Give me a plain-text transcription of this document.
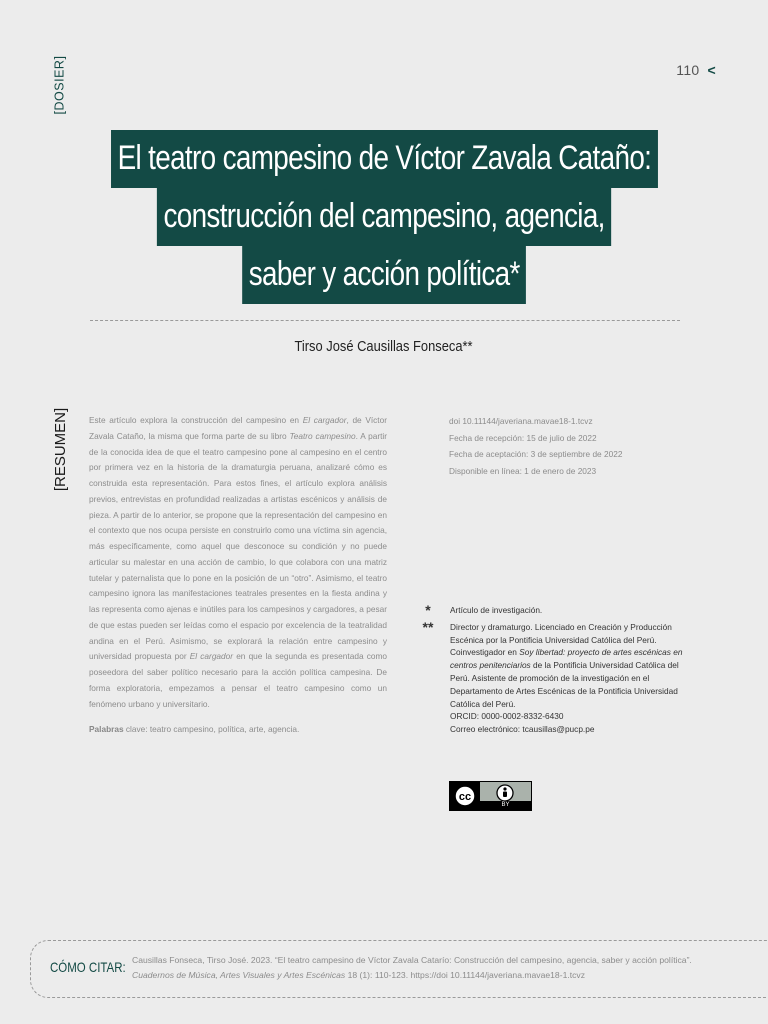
[DOSIER]	110 <
El teatro campesino de Víctor Zavala Cataño:
construcción del campesino, agencia,
saber y acción política*
Tirso José Causillas Fonseca**
[RESUMEN] Este artículo explora la construcción del campesino en El cargador, de Víctor Zavala Cataño, la misma que forma parte de su libro Teatro campesino. A partir de la conocida idea de que el teatro campesino pone al campesino en el centro por primera vez en la historia de la dramaturgia peruana, analizaré cómo es construida esta representación. Para estos fines, el artículo explora análisis previos, entrevistas en profundidad realizadas a artistas escénicos y análisis de pieza. A partir de lo anterior, se propone que la representación del campesino en el contexto que nos ocupa persiste en construirlo como una víctima sin agencia, más específicamente, como aquel que desconoce su condición y no puede articular su malestar en una acción de cambio, lo que colabora con una matriz tutelar y paternalista que lo pone en la posición de un “otro”. Asimismo, el teatro campesino ignora las manifestaciones teatrales presentes en la fiesta andina y las representa como ajenas e inútiles para los campesinos y cargadores, a pesar de que estas pueden ser leídas como el espacio por excelencia de la teatralidad andina en el Perú. Asimismo, se explorará la relación entre campesino y universidad propuesta por El cargador en que la segunda es presentada como poseedora del saber político necesario para la acción política campesina. De forma exploratoria, empezamos a pensar el teatro campesino como un fenómeno urbano y universitario.

Palabras clave: teatro campesino, política, arte, agencia.
doi 10.11144/javeriana.mavae18-1.tcvz
Fecha de recepción: 15 de julio de 2022
Fecha de aceptación: 3 de septiembre de 2022
Disponible en línea: 1 de enero de 2023
*	Artículo de investigación.
**	Director y dramaturgo. Licenciado en Creación y Producción Escénica por la Pontificia Universidad Católica del Perú. Coinvestigador en Soy libertad: proyecto de artes escénicas en centros penitenciarios de la Pontificia Universidad Católica del Perú. Asistente de promoción de la investigación en el Departamento de Artes Escénicas de la Pontificia Universidad Católica del Perú.
ORCID: 0000-0002-8332-6430
Correo electrónico: tcausillas@pucp.pe
cc
BY
CÓMO CITAR: Causillas Fonseca, Tirso José. 2023. “El teatro campesino de Víctor Zavala Catarío: Construcción del campesino, agencia, saber y acción política”. Cuadernos de Música, Artes Visuales y Artes Escénicas 18 (1): 110-123. https://doi 10.11144/javeriana.mavae18-1.tcvz
